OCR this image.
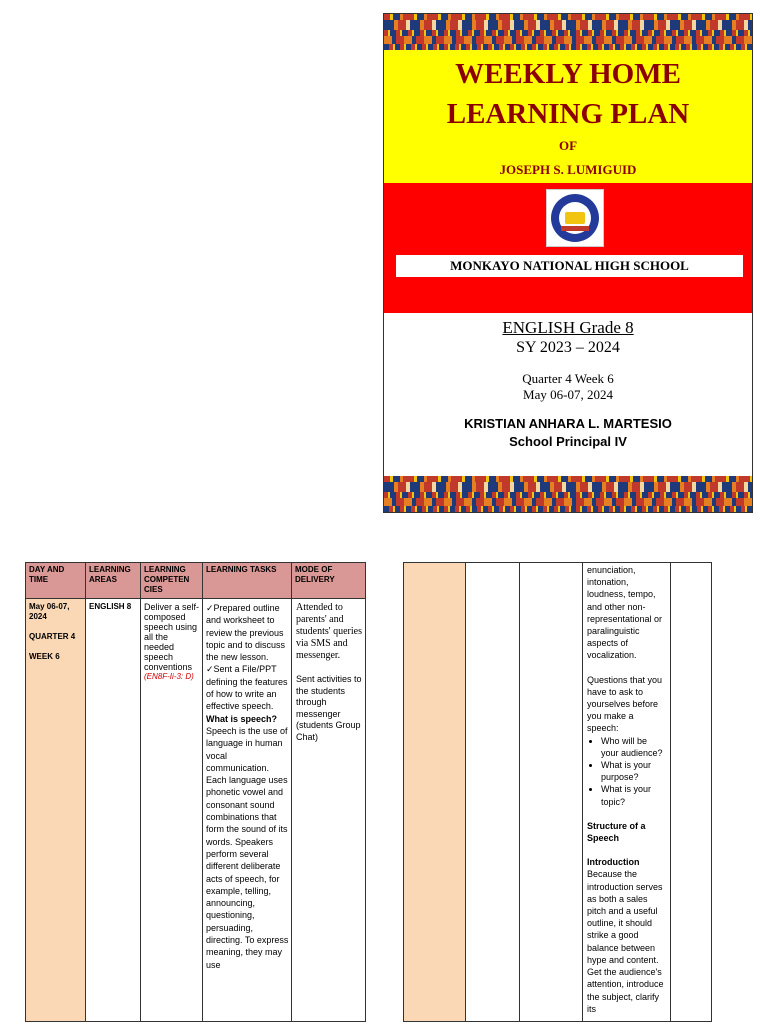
WEEKLY HOME
LEARNING PLAN
OF
JOSEPH S. LUMIGUID
MONKAYO NATIONAL HIGH SCHOOL
ENGLISH Grade 8
SY 2023 – 2024
Quarter 4 Week 6
May 06-07, 2024
KRISTIAN ANHARA L. MARTESIO
School Principal IV
DAY AND TIME
LEARNING AREAS
LEARNING COMPETEN CIES
LEARNING TASKS	MODE OF DELIVERY
May 06-07, 2024
QUARTER 4
WEEK 6
ENGLISH 8	Deliver a self-composed speech using all the needed speech conventions
(EN8F-Ii-3: D)
✓Prepared outline and worksheet to review the previous topic and to discuss the new lesson.
✓Sent a File/PPT defining the features of how to write an effective speech.
What is speech?
Speech is the use of language in human vocal communication. Each language uses phonetic vowel and consonant sound combinations that form the sound of its words. Speakers perform several different deliberate acts of speech, for example, telling, announcing, questioning, persuading, directing. To express meaning, they may use
Attended to parents' and students' queries via SMS and messenger.
Sent activities to the students through messenger (students Group Chat)
enunciation, intonation, loudness, tempo, and other non-representational or paralinguistic aspects of vocalization.
Questions that you have to ask to yourselves before you make a speech:
• Who will be your audience?
• What is your purpose?
• What is your topic?
Structure of a Speech
Introduction
Because the introduction serves as both a sales pitch and a useful outline, it should strike a good balance between hype and content. Get the audience's attention, introduce the subject, clarify its
